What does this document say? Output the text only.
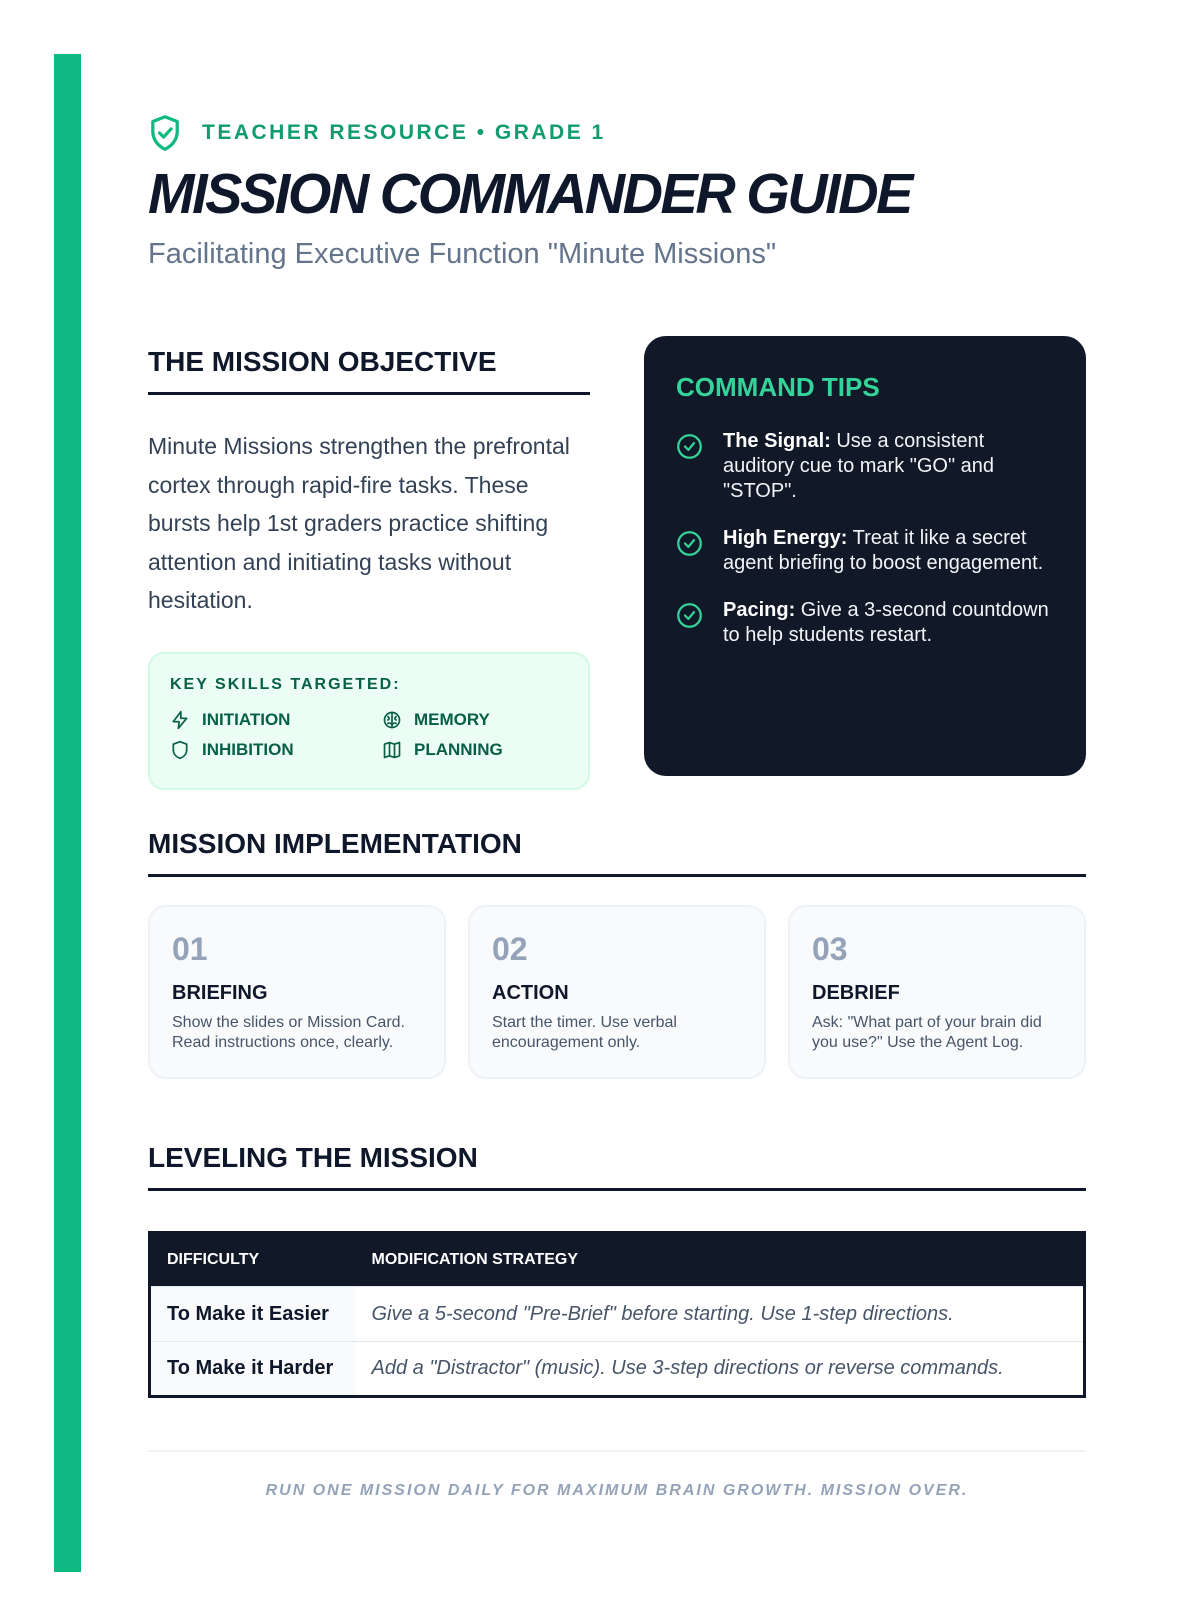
TEACHER RESOURCE • GRADE 1
MISSION COMMANDER GUIDE
Facilitating Executive Function "Minute Missions"
THE MISSION OBJECTIVE
Minute Missions strengthen the prefrontal cortex through rapid-fire tasks. These bursts help 1st graders practice shifting attention and initiating tasks without hesitation.
KEY SKILLS TARGETED:
INITIATION	MEMORY
INHIBITION	PLANNING
COMMAND TIPS
The Signal: Use a consistent auditory cue to mark "GO" and "STOP".
High Energy: Treat it like a secret agent briefing to boost engagement.
Pacing: Give a 3-second countdown to help students restart.
MISSION IMPLEMENTATION
01
BRIEFING
Show the slides or Mission Card. Read instructions once, clearly.
02
ACTION
Start the timer. Use verbal encouragement only.
03
DEBRIEF
Ask: "What part of your brain did you use?" Use the Agent Log.
LEVELING THE MISSION
DIFFICULTY	MODIFICATION STRATEGY
To Make it Easier	Give a 5-second "Pre-Brief" before starting. Use 1-step directions.
To Make it Harder	Add a "Distractor" (music). Use 3-step directions or reverse commands.
RUN ONE MISSION DAILY FOR MAXIMUM BRAIN GROWTH. MISSION OVER.
